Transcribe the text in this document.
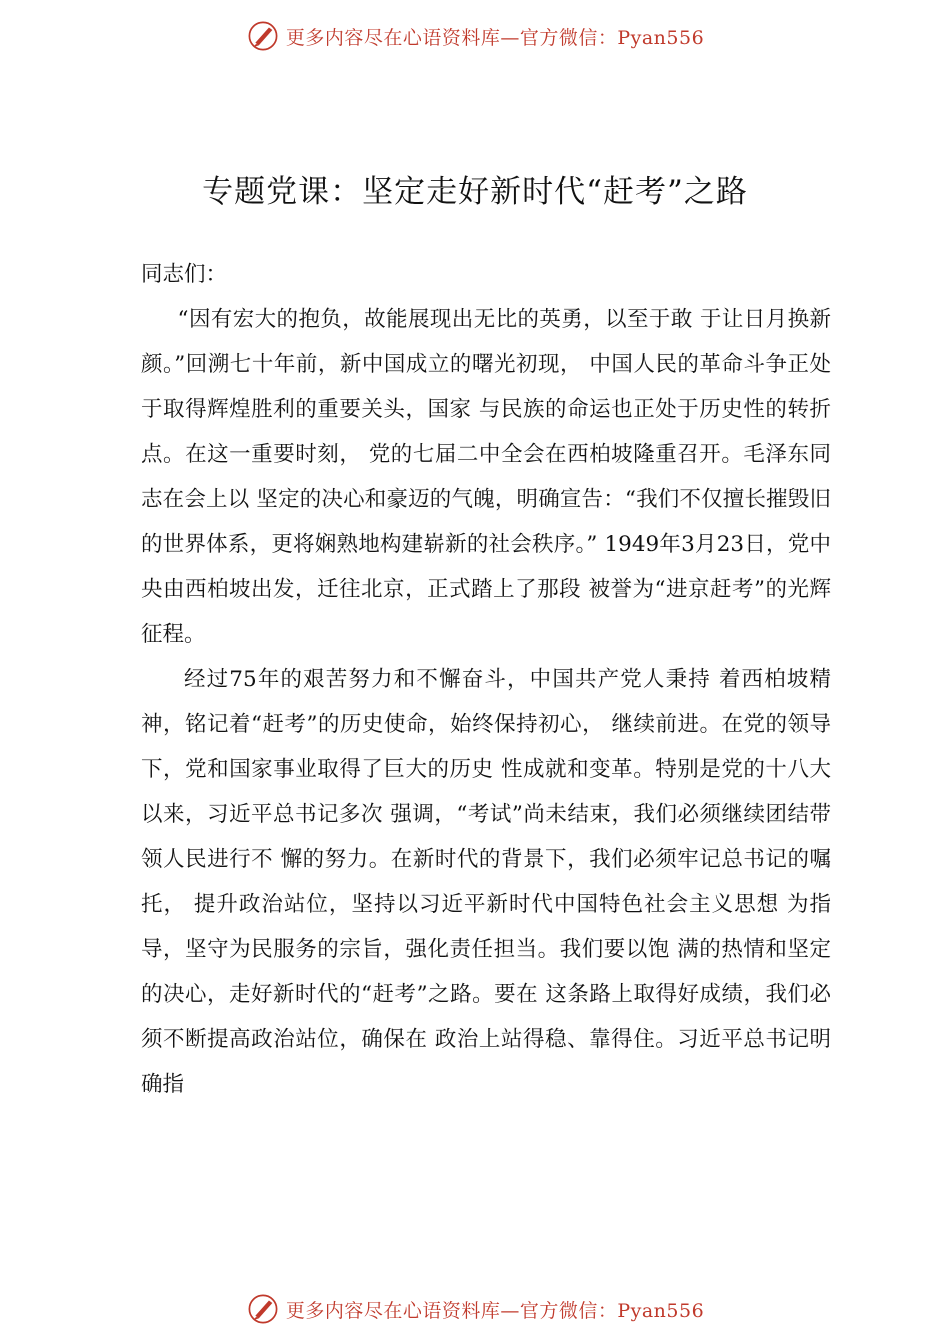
更多内容尽在心语资料库—官方微信：Pyan556
专题党课：坚定走好新时代“赶考”之路

同志们：

“因有宏大的抱负，故能展现出无比的英勇，以至于敢 于让日月换新颜。”回溯七十年前，新中国成立的曙光初现， 中国人民的革命斗争正处于取得辉煌胜利的重要关头，国家 与民族的命运也正处于历史性的转折点。在这一重要时刻， 党的七届二中全会在西柏坡隆重召开。毛泽东同志在会上以 坚定的决心和豪迈的气魄，明确宣告：“我们不仅擅长摧毁旧 的世界体系，更将娴熟地构建崭新的社会秩序。” 1949年3月23日，党中央由西柏坡出发，迁往北京，正式踏上了那段 被誉为“进京赶考”的光辉征程。

经过75年的艰苦努力和不懈奋斗，中国共产党人秉持 着西柏坡精神，铭记着“赶考”的历史使命，始终保持初心， 继续前进。在党的领导下，党和国家事业取得了巨大的历史 性成就和变革。特别是党的十八大以来，习近平总书记多次 强调，“考试”尚未结束，我们必须继续团结带领人民进行不 懈的努力。在新时代的背景下，我们必须牢记总书记的嘱托， 提升政治站位，坚持以习近平新时代中国特色社会主义思想 为指导，坚守为民服务的宗旨，强化责任担当。我们要以饱 满的热情和坚定的决心，走好新时代的“赶考”之路。要在 这条路上取得好成绩，我们必须不断提高政治站位，确保在 政治上站得稳、靠得住。习近平总书记明确指

更多内容尽在心语资料库—官方微信：Pyan556
